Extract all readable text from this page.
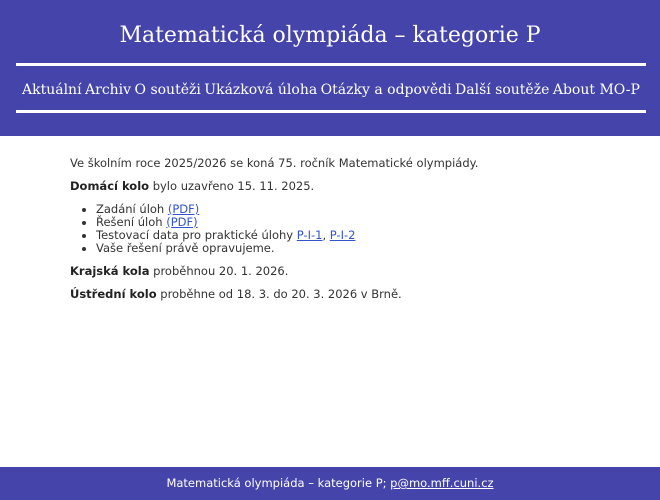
Matematická olympiáda – kategorie P
Aktuální Archiv O soutěži Ukázková úloha Otázky a odpovědi Další soutěže About MO-P

Ve školním roce 2025/2026 se koná 75. ročník Matematické olympiády.

Domácí kolo bylo uzavřeno 15. 11. 2025.

• Zadání úloh (PDF)
• Řešení úloh (PDF)
• Testovací data pro praktické úlohy P-I-1, P-I-2
• Vaše řešení právě opravujeme.

Krajská kola proběhnou 20. 1. 2026.

Ústřední kolo proběhne od 18. 3. do 20. 3. 2026 v Brně.

Matematická olympiáda – kategorie P; p@mo.mff.cuni.cz
